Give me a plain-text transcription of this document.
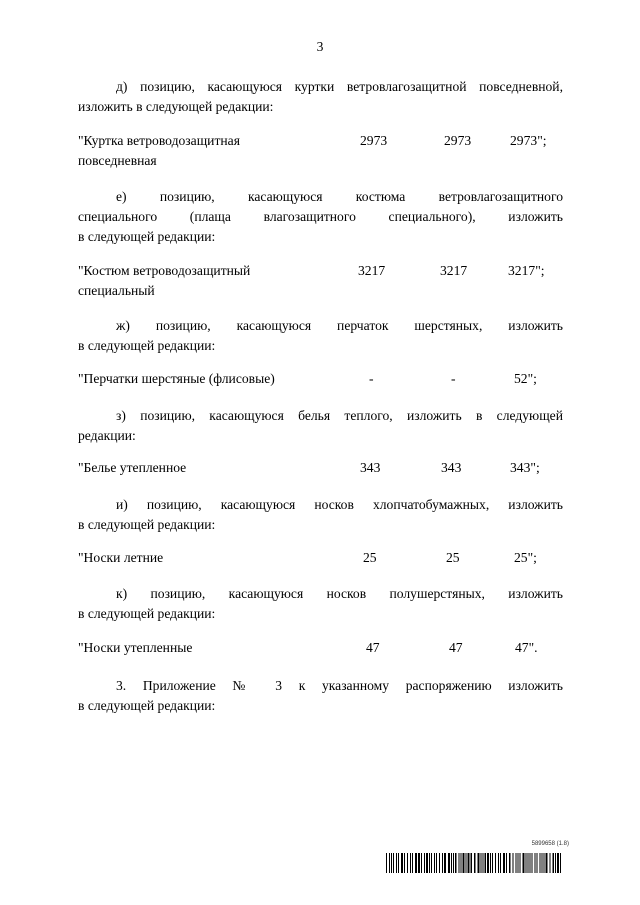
3
д) позицию, касающуюся куртки ветровлагозащитной повседневной,
изложить в следующей редакции:
"Куртка ветроводозащитная
повседневная
2973	2973	2973";
е) позицию, касающуюся костюма ветровлагозащитного
специального (плаща влагозащитного специального), изложить
в следующей редакции:
"Костюм ветроводозащитный
специальный
3217	3217	3217";
ж) позицию, касающуюся перчаток шерстяных, изложить
в следующей редакции:
"Перчатки шерстяные (флисовые)	-	-	52";
з) позицию, касающуюся белья теплого, изложить в следующей
редакции:
"Белье утепленное	343	343	343";
и) позицию, касающуюся носков хлопчатобумажных, изложить
в следующей редакции:
"Носки летние	25	25	25";
к) позицию, касающуюся носков полушерстяных, изложить
в следующей редакции:
"Носки утепленные	47	47	47".
3. Приложение № 3 к указанному распоряжению изложить
в следующей редакции:
5899658 (1.8)
